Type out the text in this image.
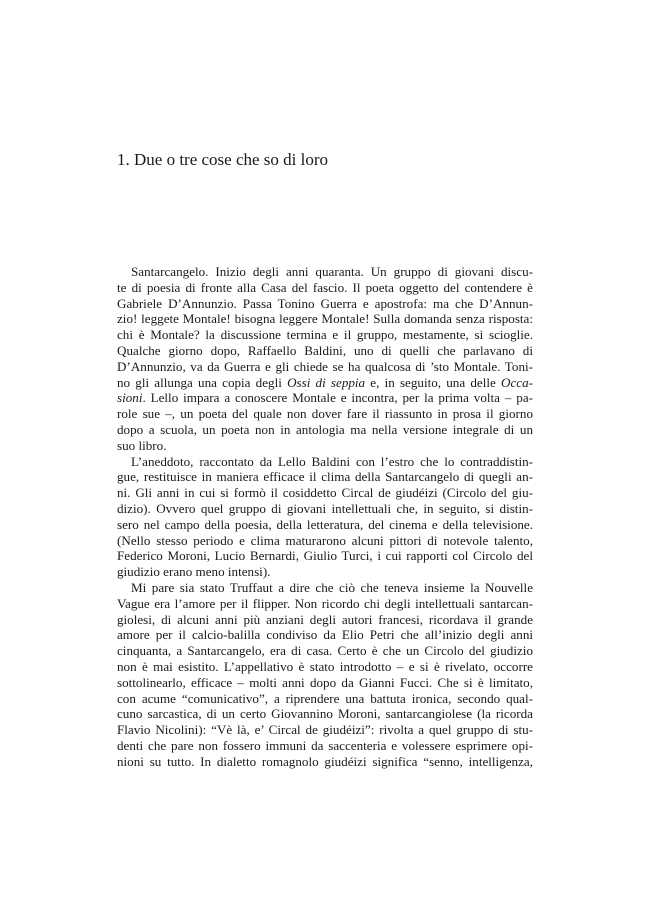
1. Due o tre cose che so di loro
Santarcangelo. Inizio degli anni quaranta. Un gruppo di giovani discu-
te di poesia di fronte alla Casa del fascio. Il poeta oggetto del contendere è
Gabriele D’Annunzio. Passa Tonino Guerra e apostrofa: ma che D’Annun-
zio! leggete Montale! bisogna leggere Montale! Sulla domanda senza risposta:
chi è Montale? la discussione termina e il gruppo, mestamente, si scioglie.
Qualche giorno dopo, Raffaello Baldini, uno di quelli che parlavano di
D’Annunzio, va da Guerra e gli chiede se ha qualcosa di ’sto Montale. Toni-
no gli allunga una copia degli Ossi di seppia e, in seguito, una delle Occa-
sioni. Lello impara a conoscere Montale e incontra, per la prima volta – pa-
role sue –, un poeta del quale non dover fare il riassunto in prosa il giorno
dopo a scuola, un poeta non in antologia ma nella versione integrale di un
suo libro.
L’aneddoto, raccontato da Lello Baldini con l’estro che lo contraddistin-
gue, restituisce in maniera efficace il clima della Santarcangelo di quegli an-
ni. Gli anni in cui si formò il cosiddetto Circal de giudéizi (Circolo del giu-
dizio). Ovvero quel gruppo di giovani intellettuali che, in seguito, si distin-
sero nel campo della poesia, della letteratura, del cinema e della televisione.
(Nello stesso periodo e clima maturarono alcuni pittori di notevole talento,
Federico Moroni, Lucio Bernardi, Giulio Turci, i cui rapporti col Circolo del
giudizio erano meno intensi).
Mi pare sia stato Truffaut a dire che ciò che teneva insieme la Nouvelle
Vague era l’amore per il flipper. Non ricordo chi degli intellettuali santarcan-
giolesi, di alcuni anni più anziani degli autori francesi, ricordava il grande
amore per il calcio-balilla condiviso da Elio Petri che all’inizio degli anni
cinquanta, a Santarcangelo, era di casa. Certo è che un Circolo del giudizio
non è mai esistito. L’appellativo è stato introdotto – e si è rivelato, occorre
sottolinearlo, efficace – molti anni dopo da Gianni Fucci. Che si è limitato,
con acume “comunicativo”, a riprendere una battuta ironica, secondo qual-
cuno sarcastica, di un certo Giovannino Moroni, santarcangiolese (la ricorda
Flavio Nicolini): “Vè là, e’ Circal de giudéizi”: rivolta a quel gruppo di stu-
denti che pare non fossero immuni da saccenteria e volessere esprimere opi-
nioni su tutto. In dialetto romagnolo giudéizi significa “senno, intelligenza,
